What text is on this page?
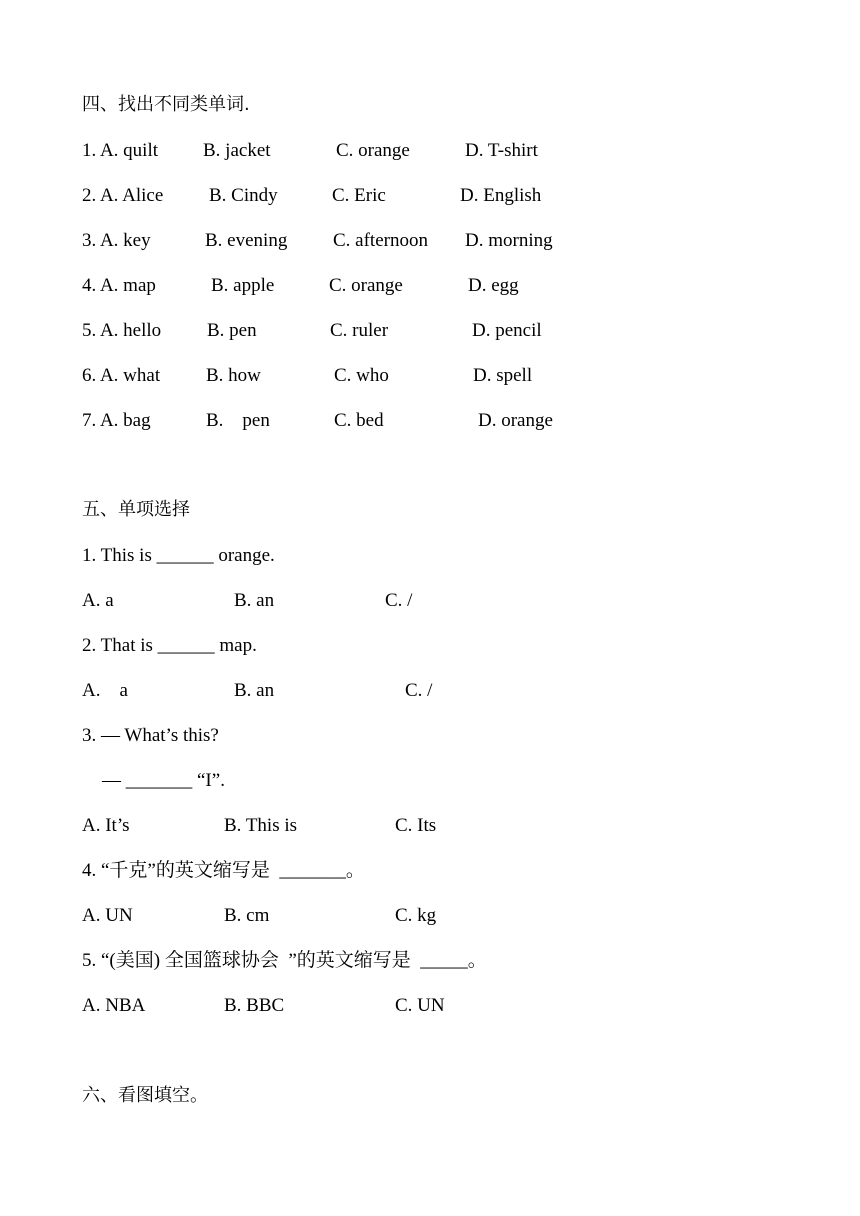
四、找出不同类单词.

1. A. quilt

B. jacket

	C. orange

	D. T-shirt

2. A. Alice

B. Cindy

	C. Eric

	D. English

3. A. key

	B. evening

C. afternoon

D. morning

4. A. map

	B. apple

	C. orange

	D. egg

5. A. hello

B. pen

	C. ruler

	D. pencil

6. A. what

B. how

	C. who

	D. spell

7. A. bag

	B.    pen

	C. bed

	D. orange

五、单项选择
1. This is ______ orange.

A. a

	B. an

	C. /

2. That is ______ map.

A.    a

	B. an

	C. /

3. — What’s this?
— _______ “I”.

A. It’s

	B. This is

	C. Its

4. “千克”的英文缩写是  _______。

A. UN

	B. cm

	C. kg

5. “(美国) 全国篮球协会  ”的英文缩写是  _____。

A. NBA

	B. BBC

	C. UN

六、看图填空。
